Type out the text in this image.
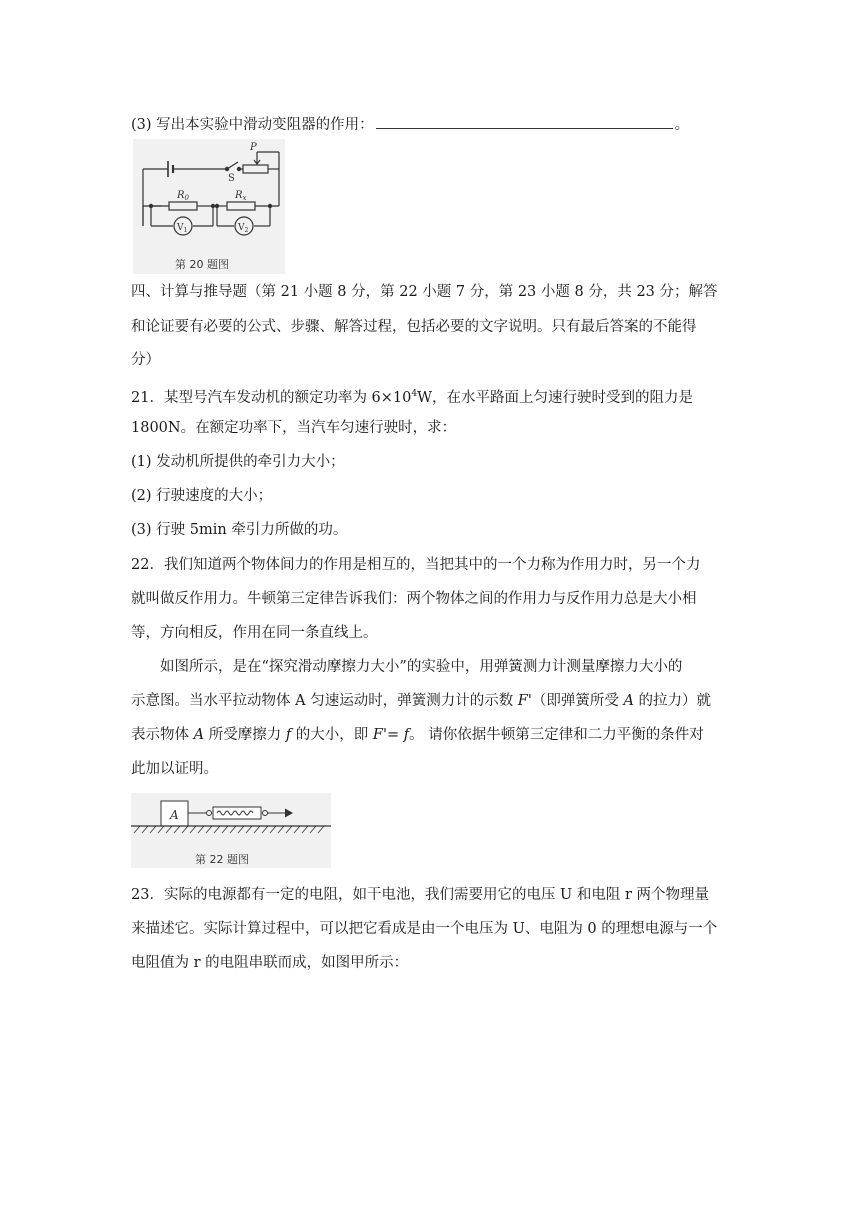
(3) 写出本实验中滑动变阻器的作用：	。
P
S
$R_0$	$R_x$
$V_1$	$V_2$
第 20 题图
四、计算与推导题（第 21 小题 8 分，第 22 小题 7 分，第 23 小题 8 分，共 23 分；解答
和论证要有必要的公式、步骤、解答过程，包括必要的文字说明。只有最后答案的不能得
分）
21．某型号汽车发动机的额定功率为 $6\times 10^4W$，在水平路面上匀速行驶时受到的阻力是
1800N。在额定功率下，当汽车匀速行驶时，求：
(1) 发动机所提供的牵引力大小；
(2) 行驶速度的大小；
(3) 行驶 5min 牵引力所做的功。
22．我们知道两个物体间力的作用是相互的，当把其中的一个力称为作用力时，另一个力
就叫做反作用力。牛顿第三定律告诉我们：两个物体之间的作用力与反作用力总是大小相
等，方向相反，作用在同一条直线上。
如图所示，是在“探究滑动摩擦力大小”的实验中，用弹簧测力计测量摩擦力大小的
示意图。当水平拉动物体 A 匀速运动时，弹簧测力计的示数 F'（即弹簧所受 A 的拉力）就
表示物体 A 所受摩擦力 f 的大小，即 F'= f。 请你依据牛顿第三定律和二力平衡的条件对
此加以证明。
A
第 22 题图
23．实际的电源都有一定的电阻，如干电池，我们需要用它的电压 U 和电阻 r 两个物理量
来描述它。实际计算过程中，可以把它看成是由一个电压为 U、电阻为 0 的理想电源与一个
电阻值为 r 的电阻串联而成，如图甲所示：
